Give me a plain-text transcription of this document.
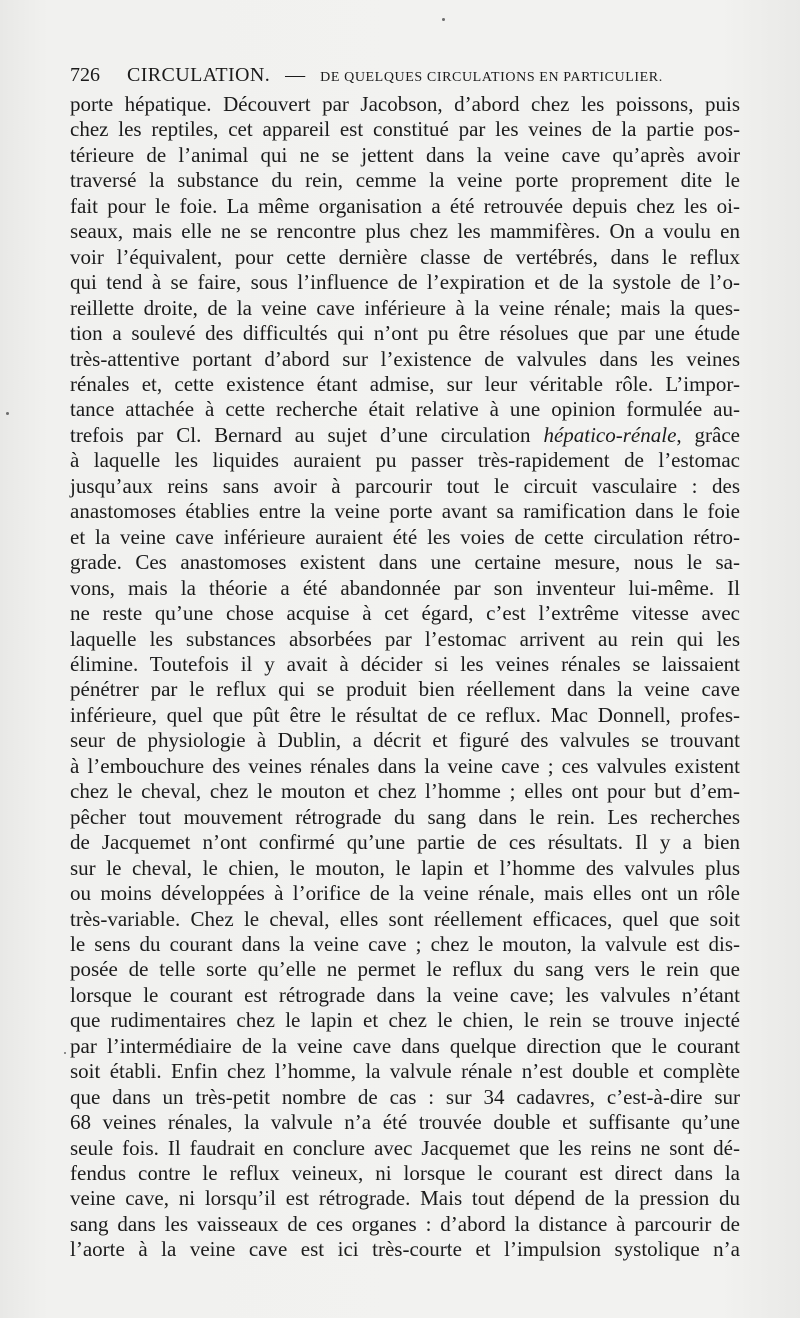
726 CIRCULATION. — DE QUELQUES CIRCULATIONS EN PARTICULIER.
porte hépatique. Découvert par Jacobson, d’abord chez les poissons, puis
chez les reptiles, cet appareil est constitué par les veines de la partie pos-
térieure de l’animal qui ne se jettent dans la veine cave qu’après avoir
traversé la substance du rein, cemme la veine porte proprement dite le
fait pour le foie. La même organisation a été retrouvée depuis chez les oi-
seaux, mais elle ne se rencontre plus chez les mammifères. On a voulu en
voir l’équivalent, pour cette dernière classe de vertébrés, dans le reflux
qui tend à se faire, sous l’influence de l’expiration et de la systole de l’o-
reillette droite, de la veine cave inférieure à la veine rénale; mais la ques-
tion a soulevé des difficultés qui n’ont pu être résolues que par une étude
très-attentive portant d’abord sur l’existence de valvules dans les veines
rénales et, cette existence étant admise, sur leur véritable rôle. L’impor-
tance attachée à cette recherche était relative à une opinion formulée au-
trefois par Cl. Bernard au sujet d’une circulation hépatico-rénale, grâce
à laquelle les liquides auraient pu passer très-rapidement de l’estomac
jusqu’aux reins sans avoir à parcourir tout le circuit vasculaire : des
anastomoses établies entre la veine porte avant sa ramification dans le foie
et la veine cave inférieure auraient été les voies de cette circulation rétro-
grade. Ces anastomoses existent dans une certaine mesure, nous le sa-
vons, mais la théorie a été abandonnée par son inventeur lui-même. Il
ne reste qu’une chose acquise à cet égard, c’est l’extrême vitesse avec
laquelle les substances absorbées par l’estomac arrivent au rein qui les
élimine. Toutefois il y avait à décider si les veines rénales se laissaient
pénétrer par le reflux qui se produit bien réellement dans la veine cave
inférieure, quel que pût être le résultat de ce reflux. Mac Donnell, profes-
seur de physiologie à Dublin, a décrit et figuré des valvules se trouvant
à l’embouchure des veines rénales dans la veine cave ; ces valvules existent
chez le cheval, chez le mouton et chez l’homme ; elles ont pour but d’em-
pêcher tout mouvement rétrograde du sang dans le rein. Les recherches
de Jacquemet n’ont confirmé qu’une partie de ces résultats. Il y a bien
sur le cheval, le chien, le mouton, le lapin et l’homme des valvules plus
ou moins développées à l’orifice de la veine rénale, mais elles ont un rôle
très-variable. Chez le cheval, elles sont réellement efficaces, quel que soit
le sens du courant dans la veine cave ; chez le mouton, la valvule est dis-
posée de telle sorte qu’elle ne permet le reflux du sang vers le rein que
lorsque le courant est rétrograde dans la veine cave; les valvules n’étant
que rudimentaires chez le lapin et chez le chien, le rein se trouve injecté
par l’intermédiaire de la veine cave dans quelque direction que le courant
soit établi. Enfin chez l’homme, la valvule rénale n’est double et complète
que dans un très-petit nombre de cas : sur 34 cadavres, c’est-à-dire sur
68 veines rénales, la valvule n’a été trouvée double et suffisante qu’une
seule fois. Il faudrait en conclure avec Jacquemet que les reins ne sont dé-
fendus contre le reflux veineux, ni lorsque le courant est direct dans la
veine cave, ni lorsqu’il est rétrograde. Mais tout dépend de la pression du
sang dans les vaisseaux de ces organes : d’abord la distance à parcourir de
l’aorte à la veine cave est ici très-courte et l’impulsion systolique n’a
